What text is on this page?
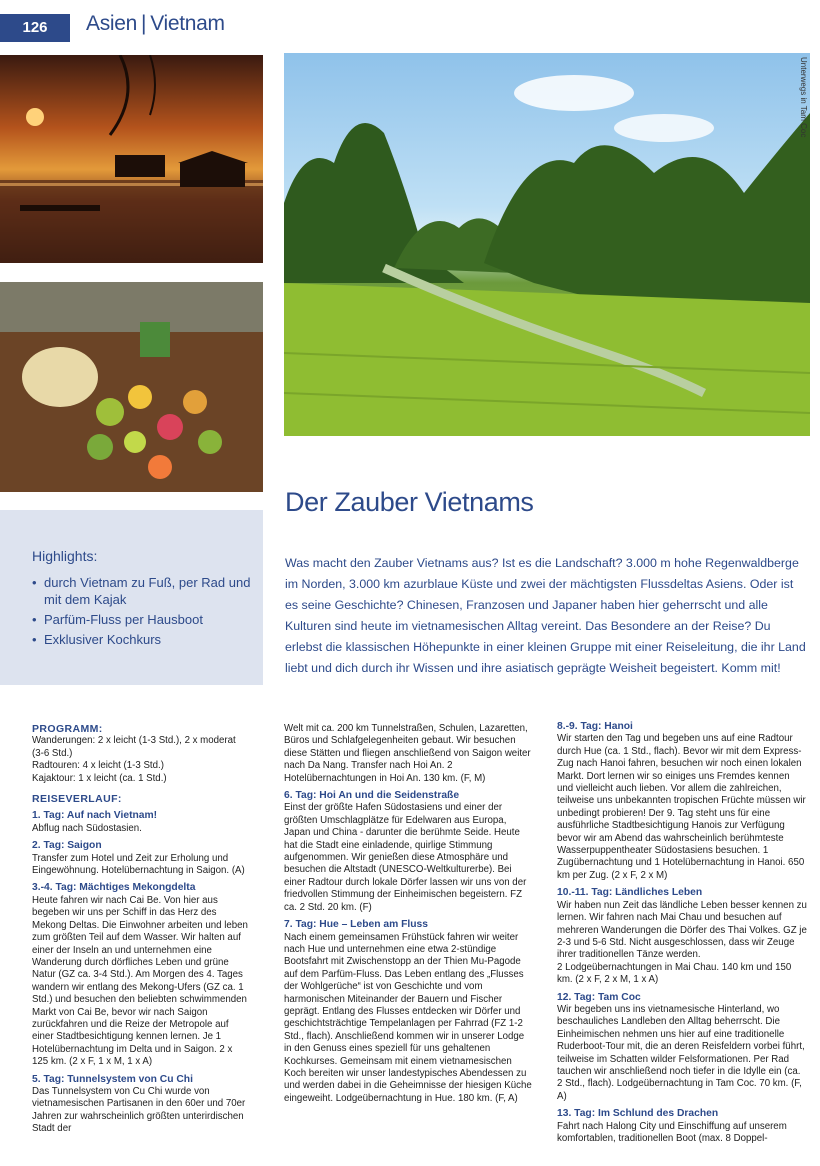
126	Asien | Vietnam
Unterwegs in Tam Coc
Highlights:
• durch Vietnam zu Fuß, per Rad und mit dem Kajak
• Parfüm-Fluss per Hausboot
• Exklusiver Kochkurs
Der Zauber Vietnams

Was macht den Zauber Vietnams aus? Ist es die Landschaft? 3.000 m hohe Regenwaldberge im Norden, 3.000 km azurblaue Küste und zwei der mächtigsten Flussdeltas Asiens. Oder ist es seine Geschichte? Chinesen, Franzosen und Japaner haben hier geherrscht und alle Kulturen sind heute im vietnamesischen Alltag vereint. Das Besondere an der Reise? Du erlebst die klassischen Höhepunkte in einer kleinen Gruppe mit einer Reiseleitung, die ihr Land liebt und dich durch ihr Wissen und ihre asiatisch geprägte Weisheit begeistert. Komm mit!

PROGRAMM:

Wanderungen: 2 x leicht (1-3 Std.), 2 x moderat (3-6 Std.)

Radtouren: 4 x leicht (1-3 Std.)

Kajaktour: 1 x leicht (ca. 1 Std.)

REISEVERLAUF:

1. Tag: Auf nach Vietnam!

Abflug nach Südostasien.

2. Tag: Saigon

Transfer zum Hotel und Zeit zur Erholung und Eingewöhnung. Hotelübernachtung in Saigon. (A)

3.-4. Tag: Mächtiges Mekongdelta

Heute fahren wir nach Cai Be. Von hier aus begeben wir uns per Schiff in das Herz des Mekong Deltas. Die Einwohner arbeiten und leben zum größten Teil auf dem Wasser. Wir halten auf einer der Inseln an und unternehmen eine Wanderung durch dörfliches Leben und grüne Natur (GZ ca. 3-4 Std.). Am Morgen des 4. Tages wandern wir entlang des Mekong-Ufers (GZ ca. 1 Std.) und besuchen den beliebten schwimmenden Markt von Cai Be, bevor wir nach Saigon zurückfahren und die Reize der Metropole auf einer Stadtbesichtigung kennen lernen. Je 1 Hotelübernachtung im Delta und in Saigon. 2 x 125 km. (2 x F, 1 x M, 1 x A)

5. Tag: Tunnelsystem von Cu Chi

Das Tunnelsystem von Cu Chi wurde von vietnamesischen Partisanen in den 60er und 70er Jahren zur wahrscheinlich größten unterirdischen Stadt der

Welt mit ca. 200 km Tunnelstraßen, Schulen, Lazaretten, Büros und Schlafgelegenheiten gebaut. Wir besuchen diese Stätten und fliegen anschließend von Saigon weiter nach Da Nang. Transfer nach Hoi An. 2 Hotelübernachtungen in Hoi An. 130 km. (F, M)

6. Tag: Hoi An und die Seidenstraße

Einst der größte Hafen Südostasiens und einer der größten Umschlagplätze für Edelwaren aus Europa, Japan und China - darunter die berühmte Seide. Heute hat die Stadt eine einladende, quirlige Stimmung aufgenommen. Wir genießen diese Atmosphäre und besuchen die Altstadt (UNESCO-Weltkulturerbe). Bei einer Radtour durch lokale Dörfer lassen wir uns von der friedvollen Stimmung der Einheimischen begeistern. FZ ca. 2 Std. 20 km. (F)

7. Tag: Hue – Leben am Fluss

Nach einem gemeinsamen Frühstück fahren wir weiter nach Hue und unternehmen eine etwa 2-stündige Bootsfahrt mit Zwischenstopp an der Thien Mu-Pagode auf dem Parfüm-Fluss. Das Leben entlang des „Flusses der Wohlgerüche“ ist von Geschichte und vom harmonischen Miteinander der Bauern und Fischer geprägt. Entlang des Flusses entdecken wir Dörfer und geschichtsträchtige Tempelanlagen per Fahrrad (FZ 1-2 Std., flach). Anschließend kommen wir in unserer Lodge in den Genuss eines speziell für uns gehaltenen Kochkurses. Gemeinsam mit einem vietnamesischen Koch bereiten wir unser landestypisches Abendessen zu und werden dabei in die Geheimnisse der hiesigen Küche eingeweiht. Lodgeübernachtung in Hue. 180 km. (F, A)

8.-9. Tag: Hanoi

Wir starten den Tag und begeben uns auf eine Radtour durch Hue (ca. 1 Std., flach). Bevor wir mit dem Express-Zug nach Hanoi fahren, besuchen wir noch einen lokalen Markt. Dort lernen wir so einiges uns Fremdes kennen und vielleicht auch lieben. Vor allem die zahlreichen, teilweise uns unbekannten tropischen Früchte müssen wir unbedingt probieren! Der 9. Tag steht uns für eine ausführliche Stadtbesichtigung Hanois zur Verfügung bevor wir am Abend das wahrscheinlich berühmteste Wasserpuppentheater Südostasiens besuchen. 1 Zugübernachtung und 1 Hotelübernachtung in Hanoi. 650 km per Zug. (2 x F, 2 x M)

10.-11. Tag: Ländliches Leben

Wir haben nun Zeit das ländliche Leben besser kennen zu lernen. Wir fahren nach Mai Chau und besuchen auf mehreren Wanderungen die Dörfer des Thai Volkes. GZ je 2-3 und 5-6 Std. Nicht ausgeschlossen, dass wir Zeuge ihrer traditionellen Tänze werden.

2 Lodgeübernachtungen in Mai Chau. 140 km und 150 km. (2 x F, 2 x M, 1 x A)

12. Tag: Tam Coc

Wir begeben uns ins vietnamesische Hinterland, wo beschauliches Landleben den Alltag beherrscht. Die Einheimischen nehmen uns hier auf eine traditionelle Ruderboot-Tour mit, die an deren Reisfeldern vorbei führt, teilweise im Schatten wilder Felsformationen. Per Rad tauchen wir anschließend noch tiefer in die Idylle ein (ca. 2 Std., flach). Lodgeübernachtung in Tam Coc. 70 km. (F, A)

13. Tag: Im Schlund des Drachen

Fahrt nach Halong City und Einschiffung auf unserem komfortablen, traditionellen Boot (max. 8 Doppel-
